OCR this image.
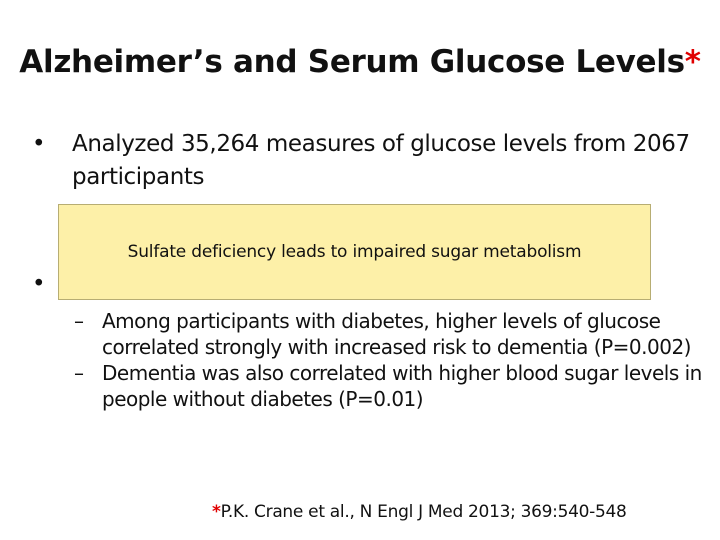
Alzheimer’s and Serum Glucose Levels*
• Analyzed 35,264 measures of glucose levels from 2067 participants
•
– Among participants with diabetes, higher levels of glucose correlated strongly with increased risk to dementia (P=0.002)
– Dementia was also correlated with higher blood sugar levels in people without diabetes (P=0.01)
Sulfate deficiency leads to impaired sugar metabolism
*P.K. Crane et al., N Engl J Med 2013; 369:540-548
